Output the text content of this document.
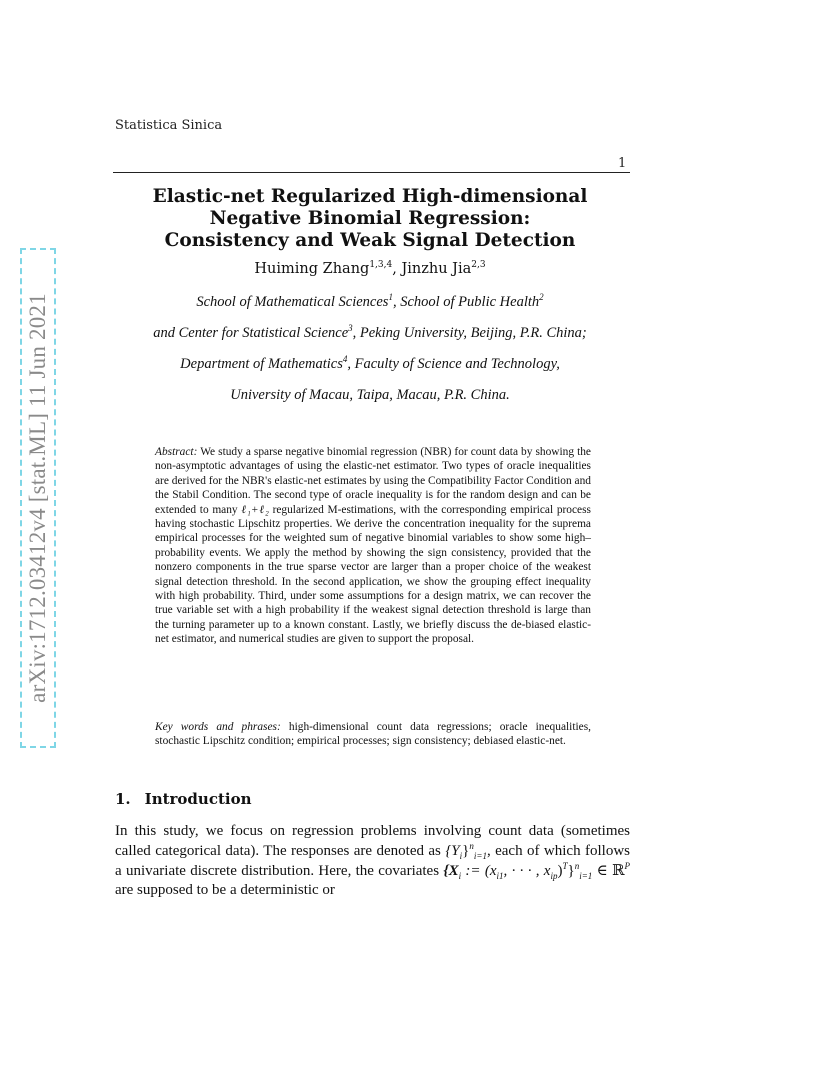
arXiv:1712.03412v4 [stat.ML] 11 Jun 2021
Statistica Sinica
1
Elastic-net Regularized High-dimensional
Negative Binomial Regression:
Consistency and Weak Signal Detection
Huiming Zhang$^{1,3,4}$, Jinzhu Jia$^{2,3}$
School of Mathematical Sciences$^1$, School of Public Health$^2$
and Center for Statistical Science$^3$, Peking University, Beijing, P.R. China;
Department of Mathematics$^4$, Faculty of Science and Technology,
University of Macau, Taipa, Macau, P.R. China.
Abstract: We study a sparse negative binomial regression (NBR) for count data by showing the non-asymptotic advantages of using the elastic-net estimator. Two types of oracle inequalities are derived for the NBR's elastic-net estimates by using the Compatibility Factor Condition and the Stabil Condition. The second type of oracle inequality is for the random design and can be extended to many ℓ₁+ℓ₂ regularized M-estimations, with the corresponding empirical process having stochastic Lipschitz properties. We derive the concentration inequality for the suprema empirical processes for the weighted sum of negative binomial variables to show some high–probability events. We apply the method by showing the sign consistency, provided that the nonzero components in the true sparse vector are larger than a proper choice of the weakest signal detection threshold. In the second application, we show the grouping effect inequality with high probability. Third, under some assumptions for a design matrix, we can recover the true variable set with a high probability if the weakest signal detection threshold is large than the turning parameter up to a known constant. Lastly, we briefly discuss the de-biased elastic-net estimator, and numerical studies are given to support the proposal.
Key words and phrases: high-dimensional count data regressions; oracle inequalities, stochastic Lipschitz condition; empirical processes; sign consistency; debiased elastic-net.
1. Introduction
In this study, we focus on regression problems involving count data (sometimes called categorical data). The responses are denoted as $\{Y_i\}^n_{i=1}$, each of which follows a univariate discrete distribution. Here, the covariates {$X_i$ := ($x_{i1}$, · · · , $x_{ip})^T\}^n_{i=1}$ ∈ ℝ$^P$ are supposed to be a deterministic or
